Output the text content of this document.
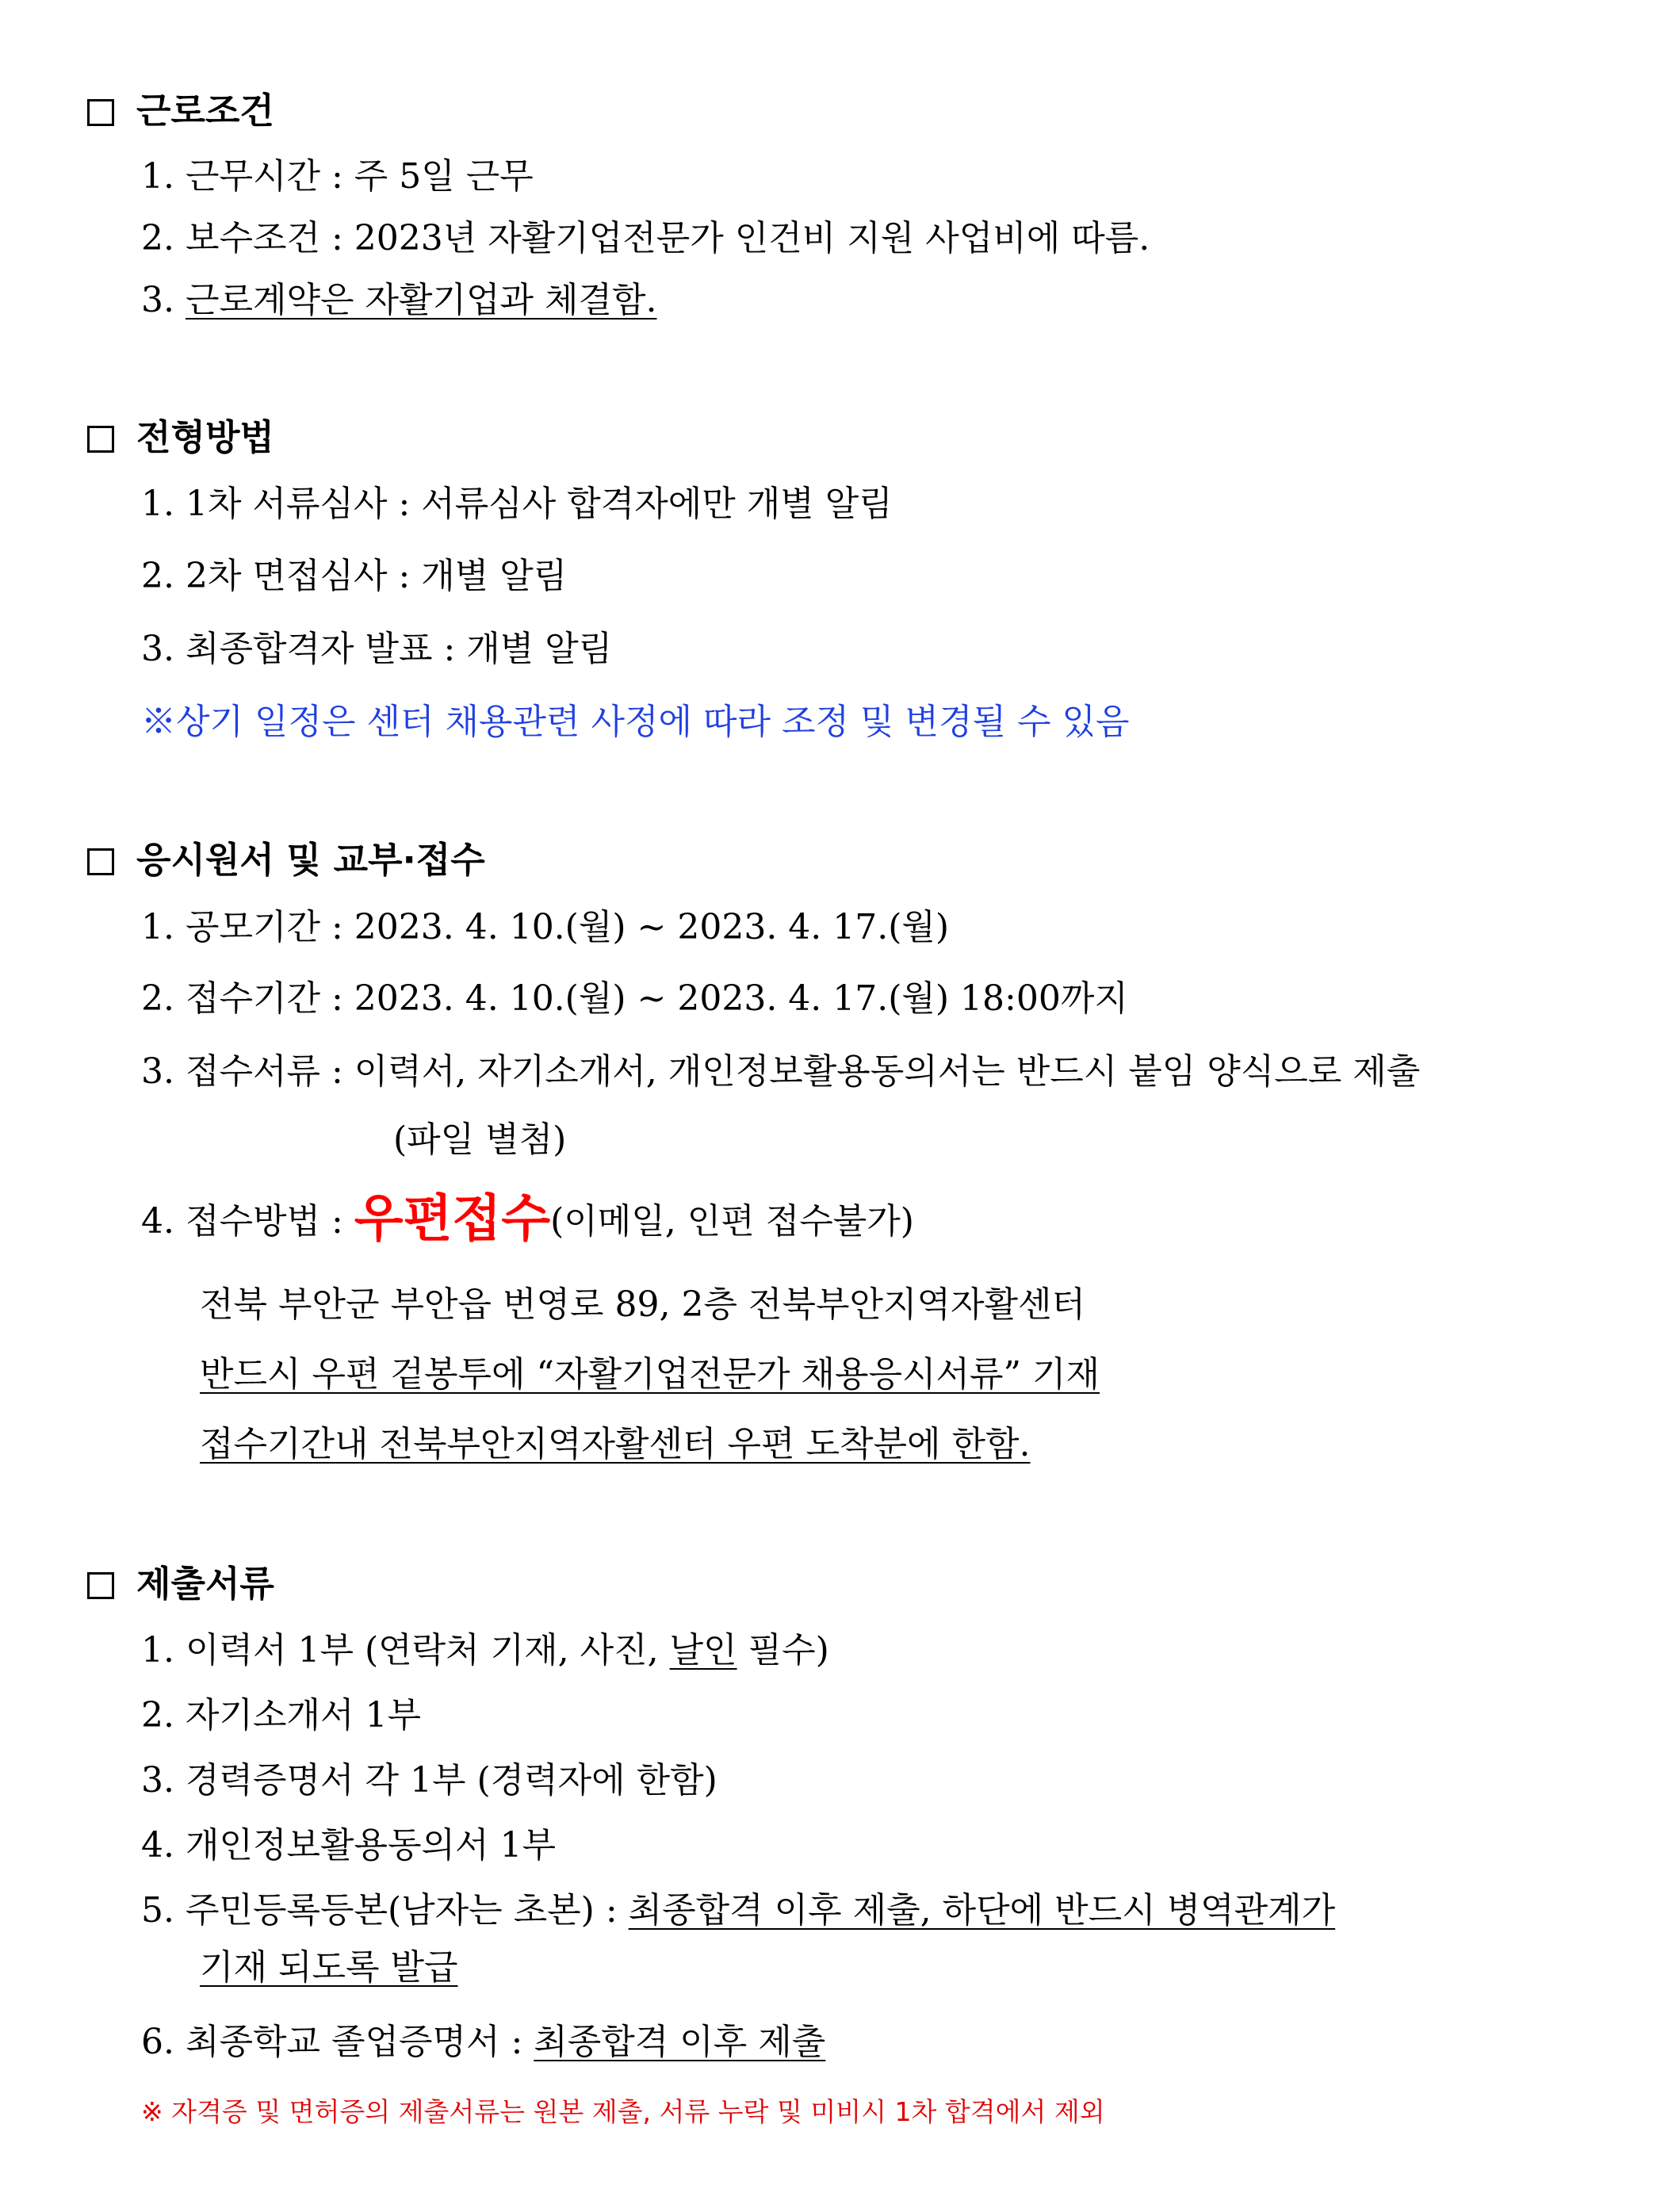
근로조건
1. 근무시간 : 주 5일 근무
2. 보수조건 : 2023년 자활기업전문가 인건비 지원 사업비에 따름.
3. 근로계약은 자활기업과 체결함.
전형방법
1. 1차 서류심사 : 서류심사 합격자에만 개별 알림
2. 2차 면접심사 : 개별 알림
3. 최종합격자 발표 : 개별 알림
※상기 일정은 센터 채용관련 사정에 따라 조정 및 변경될 수 있음
응시원서 및 교부·접수
1. 공모기간 : 2023. 4. 10.(월) ~ 2023. 4. 17.(월)
2. 접수기간 : 2023. 4. 10.(월) ~ 2023. 4. 17.(월) 18:00까지
3. 접수서류 : 이력서, 자기소개서, 개인정보활용동의서는 반드시 붙임 양식으로 제출
(파일 별첨)
4. 접수방법 : 우편접수(이메일, 인편 접수불가)
전북 부안군 부안읍 번영로 89, 2층 전북부안지역자활센터
반드시 우편 겉봉투에 “자활기업전문가 채용응시서류” 기재
접수기간내 전북부안지역자활센터 우편 도착분에 한함.
제출서류
1. 이력서 1부 (연락처 기재, 사진, 날인 필수)
2. 자기소개서 1부
3. 경력증명서 각 1부 (경력자에 한함)
4. 개인정보활용동의서 1부
5. 주민등록등본(남자는 초본) : 최종합격 이후 제출, 하단에 반드시 병역관계가
기재 되도록 발급
6. 최종학교 졸업증명서 : 최종합격 이후 제출
※ 자격증 및 면허증의 제출서류는 원본 제출, 서류 누락 및 미비시 1차 합격에서 제외
